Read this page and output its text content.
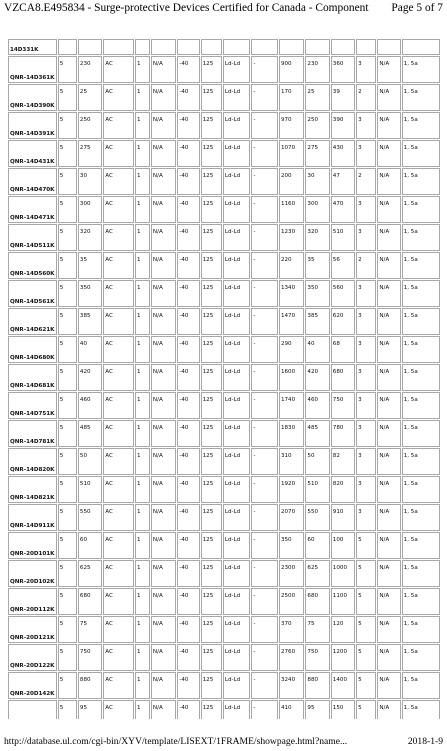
VZCA8.E495834 - Surge-protective Devices Certified for Canada - Component Page 5 of 7
14D331K															
QNR-14D361K	5	230	AC	1	N/A	-40	125	Ld-Ld	-	900	230	360	3	N/A	1, 5a
QNR-14D390K	5	25	AC	1	N/A	-40	125	Ld-Ld	-	170	25	39	2	N/A	1, 5a
QNR-14D391K	5	250	AC	1	N/A	-40	125	Ld-Ld	-	970	250	390	3	N/A	1, 5a
QNR-14D431K	5	275	AC	1	N/A	-40	125	Ld-Ld	-	1070	275	430	3	N/A	1, 5a
QNR-14D470K	5	30	AC	1	N/A	-40	125	Ld-Ld	-	200	30	47	2	N/A	1, 5a
QNR-14D471K	5	300	AC	1	N/A	-40	125	Ld-Ld	-	1160	300	470	3	N/A	1, 5a
QNR-14D511K	5	320	AC	1	N/A	-40	125	Ld-Ld	-	1230	320	510	3	N/A	1, 5a
QNR-14D560K	5	35	AC	1	N/A	-40	125	Ld-Ld	-	220	35	56	2	N/A	1, 5a
QNR-14D561K	5	350	AC	1	N/A	-40	125	Ld-Ld	-	1340	350	560	3	N/A	1, 5a
QNR-14D621K	5	385	AC	1	N/A	-40	125	Ld-Ld	-	1470	385	620	3	N/A	1, 5a
QNR-14D680K	5	40	AC	1	N/A	-40	125	Ld-Ld	-	290	40	68	3	N/A	1, 5a
QNR-14D681K	5	420	AC	1	N/A	-40	125	Ld-Ld	-	1600	420	680	3	N/A	1, 5a
QNR-14D751K	5	460	AC	1	N/A	-40	125	Ld-Ld	-	1740	460	750	3	N/A	1, 5a
QNR-14D781K	5	485	AC	1	N/A	-40	125	Ld-Ld	-	1830	485	780	3	N/A	1, 5a
QNR-14D820K	5	50	AC	1	N/A	-40	125	Ld-Ld	-	310	50	82	3	N/A	1, 5a
QNR-14D821K	5	510	AC	1	N/A	-40	125	Ld-Ld	-	1920	510	820	3	N/A	1, 5a
QNR-14D911K	5	550	AC	1	N/A	-40	125	Ld-Ld	-	2070	550	910	3	N/A	1, 5a
QNR-20D101K	5	60	AC	1	N/A	-40	125	Ld-Ld	-	350	60	100	5	N/A	1, 5a
QNR-20D102K	5	625	AC	1	N/A	-40	125	Ld-Ld	-	2300	625	1000	5	N/A	1, 5a
QNR-20D112K	5	680	AC	1	N/A	-40	125	Ld-Ld	-	2500	680	1100	5	N/A	1, 5a
QNR-20D121K	5	75	AC	1	N/A	-40	125	Ld-Ld	-	370	75	120	5	N/A	1, 5a
QNR-20D122K	5	750	AC	1	N/A	-40	125	Ld-Ld	-	2760	750	1200	5	N/A	1, 5a
QNR-20D142K	5	880	AC	1	N/A	-40	125	Ld-Ld	-	3240	880	1400	5	N/A	1, 5a
	5	95	AC	1	N/A	-40	125	Ld-Ld	-	410	95	150	5	N/A	1, 5a

http://database.ul.com/cgi-bin/XYV/template/LISEXT/1FRAME/showpage.html?name...	2018-1-9
